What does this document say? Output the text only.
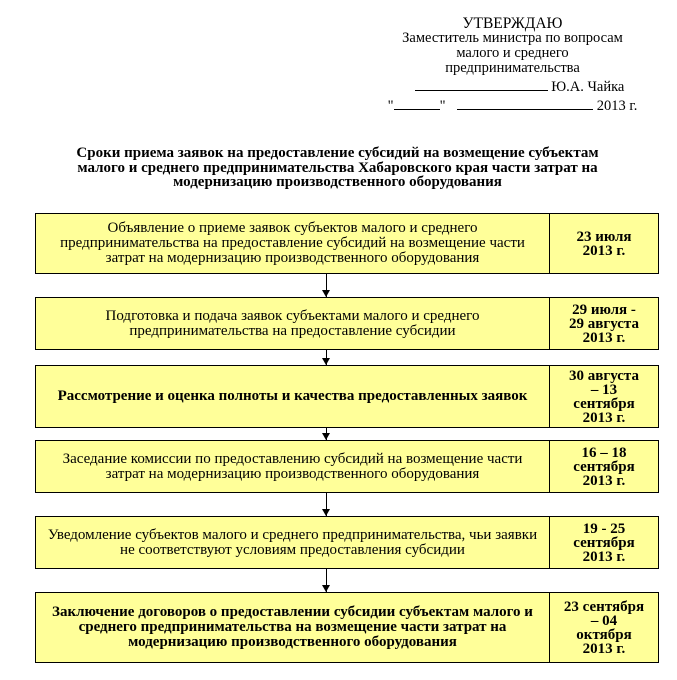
УТВЕРЖДАЮ
Заместитель министра по вопросам малого и среднего предпринимательства
Ю.А. Чайка
"	"	2013 г.
Сроки приема заявок на предоставление субсидий на возмещение субъектам малого и среднего предпринимательства Хабаровского края части затрат на модернизацию производственного оборудования
Объявление о приеме заявок субъектов малого и среднего предпринимательства на предоставление субсидий на возмещение части затрат на модернизацию производственного оборудования
23 июля
2013 г.
Подготовка и подача заявок субъектами малого и среднего предпринимательства на предоставление субсидии
29 июля -
29 августа
2013 г.
Рассмотрение и оценка полноты и качества предоставленных заявок
30 августа
– 13
сентября
2013 г.
Заседание комиссии по предоставлению субсидий на возмещение части затрат на модернизацию производственного оборудования
16 – 18
сентября
2013 г.
Уведомление субъектов малого и среднего предпринимательства, чьи заявки не соответствуют условиям предоставления субсидии
19 - 25
сентября
2013 г.
Заключение договоров о предоставлении субсидии субъектам малого и среднего предпринимательства на возмещение части затрат на модернизацию производственного оборудования
23 сентября
– 04
октября
2013 г.
